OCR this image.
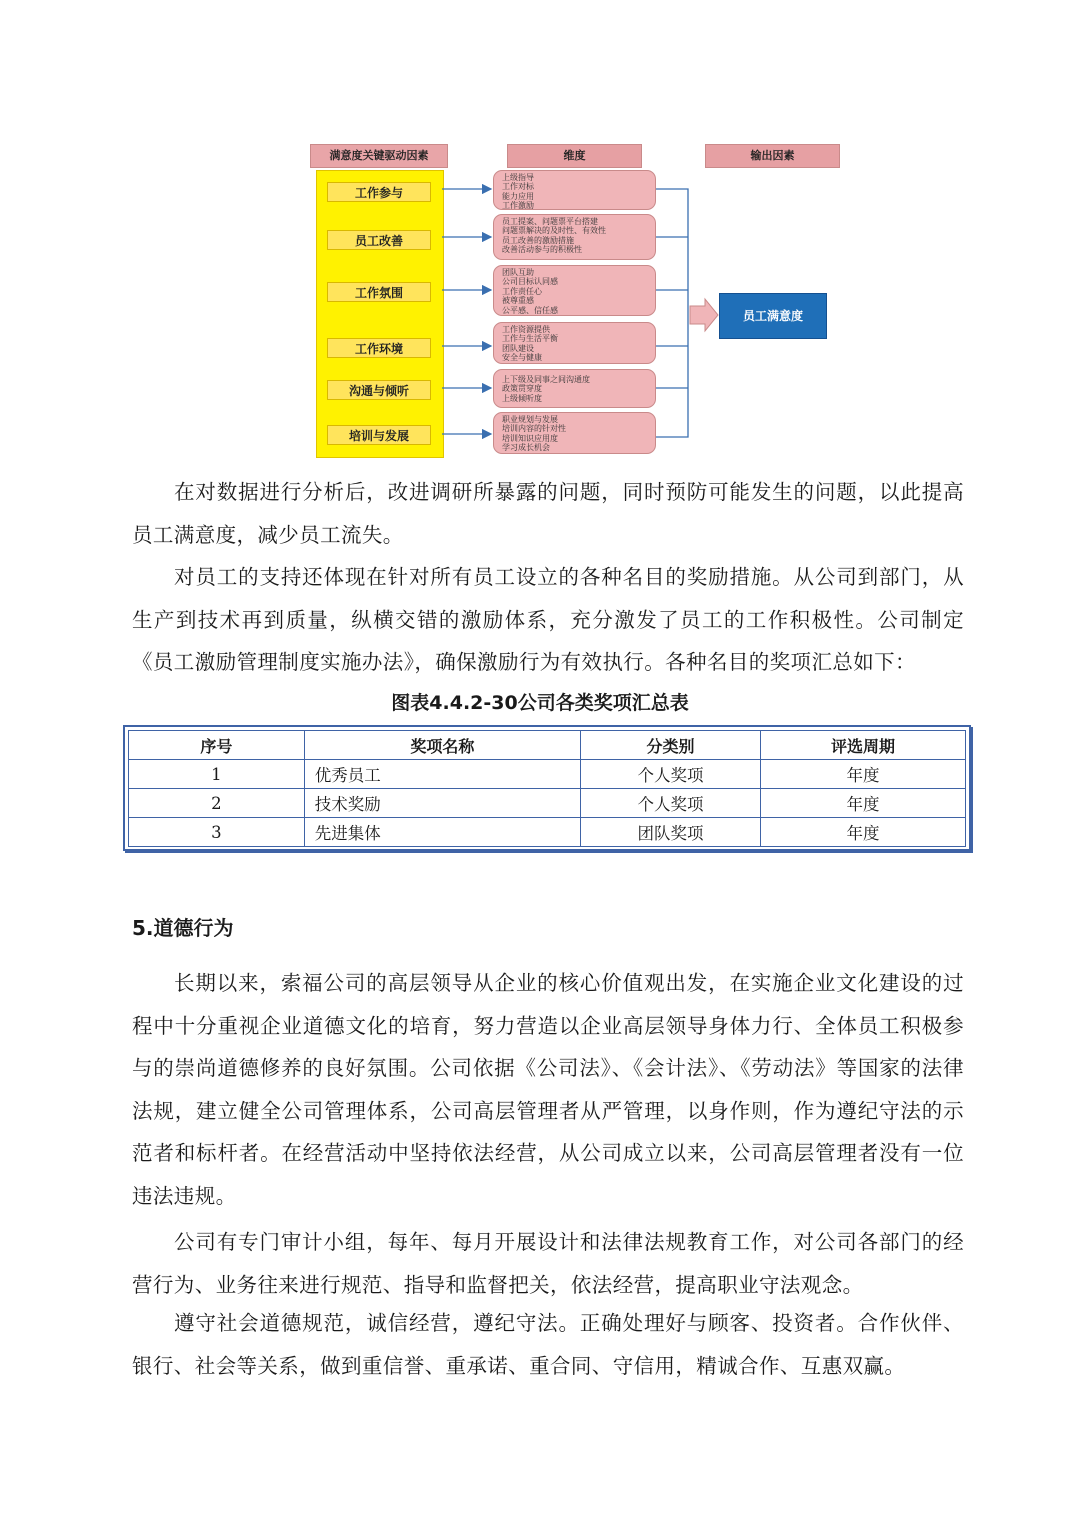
满意度关键驱动因素	维度	输出因素
工作参与
员工改善
工作氛围
工作环境
沟通与倾听
培训与发展
上级指导
工作对标
能力应用
工作激励
员工提案、问题票平台搭建
问题票解决的及时性、有效性
员工改善的激励措施
改善活动参与的积极性
团队互助
公司目标认同感
工作责任心
被尊重感
公平感、信任感
工作资源提供
工作与生活平衡
团队建设
安全与健康
上下级及同事之间沟通度
政策贯穿度
上级倾听度
职业规划与发展
培训内容的针对性
培训知识应用度
学习成长机会
员工满意度

在对数据进行分析后，改进调研所暴露的问题，同时预防可能发生的问题，以此提高员工满意度，减少员工流失。

对员工的支持还体现在针对所有员工设立的各种名目的奖励措施。从公司到部门，从生产到技术再到质量，纵横交错的激励体系，充分激发了员工的工作积极性。公司制定《员工激励管理制度实施办法》，确保激励行为有效执行。各种名目的奖项汇总如下：

图表4.4.2-30公司各类奖项汇总表
序号	奖项名称	分类别	评选周期
1	优秀员工	个人奖项	年度
2	技术奖励	个人奖项	年度
3	先进集体	团队奖项	年度
5.道德行为

长期以来，索福公司的高层领导从企业的核心价值观出发，在实施企业文化建设的过程中十分重视企业道德文化的培育，努力营造以企业高层领导身体力行、全体员工积极参与的崇尚道德修养的良好氛围。公司依据《公司法》、《会计法》、《劳动法》等国家的法律法规，建立健全公司管理体系，公司高层管理者从严管理，以身作则，作为遵纪守法的示范者和标杆者。在经营活动中坚持依法经营，从公司成立以来，公司高层管理者没有一位违法违规。

公司有专门审计小组，每年、每月开展设计和法律法规教育工作，对公司各部门的经营行为、业务往来进行规范、指导和监督把关，依法经营，提高职业守法观念。

遵守社会道德规范，诚信经营，遵纪守法。正确处理好与顾客、投资者。合作伙伴、银行、社会等关系，做到重信誉、重承诺、重合同、守信用，精诚合作、互惠双赢。
